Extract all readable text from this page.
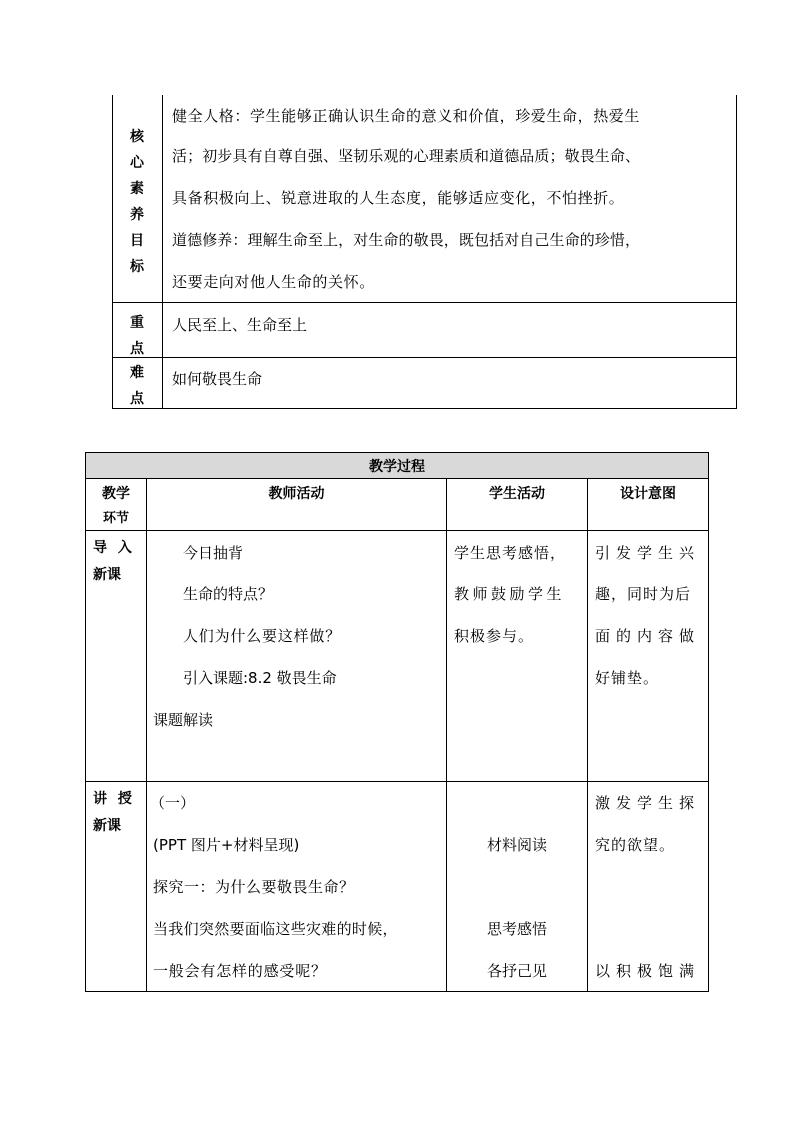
核
心
素
养
目
标
健全人格：学生能够正确认识生命的意义和价值，珍爱生命，热爱生
活；初步具有自尊自强、坚韧乐观的心理素质和道德品质；敬畏生命、
具备积极向上、锐意进取的人生态度，能够适应变化，不怕挫折。
道德修养：理解生命至上，对生命的敬畏，既包括对自己生命的珍惜，
还要走向对他人生命的关怀。
重
点
人民至上、生命至上
难
点
如何敬畏生命
教学过程
教学
环节
教师活动	学生活动	设计意图
导 入
新课
今日抽背
生命的特点？
人们为什么要这样做？
引入课题:8.2 敬畏生命
课题解读
学生思考感悟，
教师鼓励学生
积极参与。
引发学生兴
趣，同时为后
面的内容做
好铺垫。
讲 授
新课
（一）
(PPT 图片+材料呈现)
探究一：为什么要敬畏生命？
当我们突然要面临这些灾难的时候，
一般会有怎样的感受呢？
材料阅读
思考感悟
各抒己见
激发学生探
究的欲望。
以积极饱满
